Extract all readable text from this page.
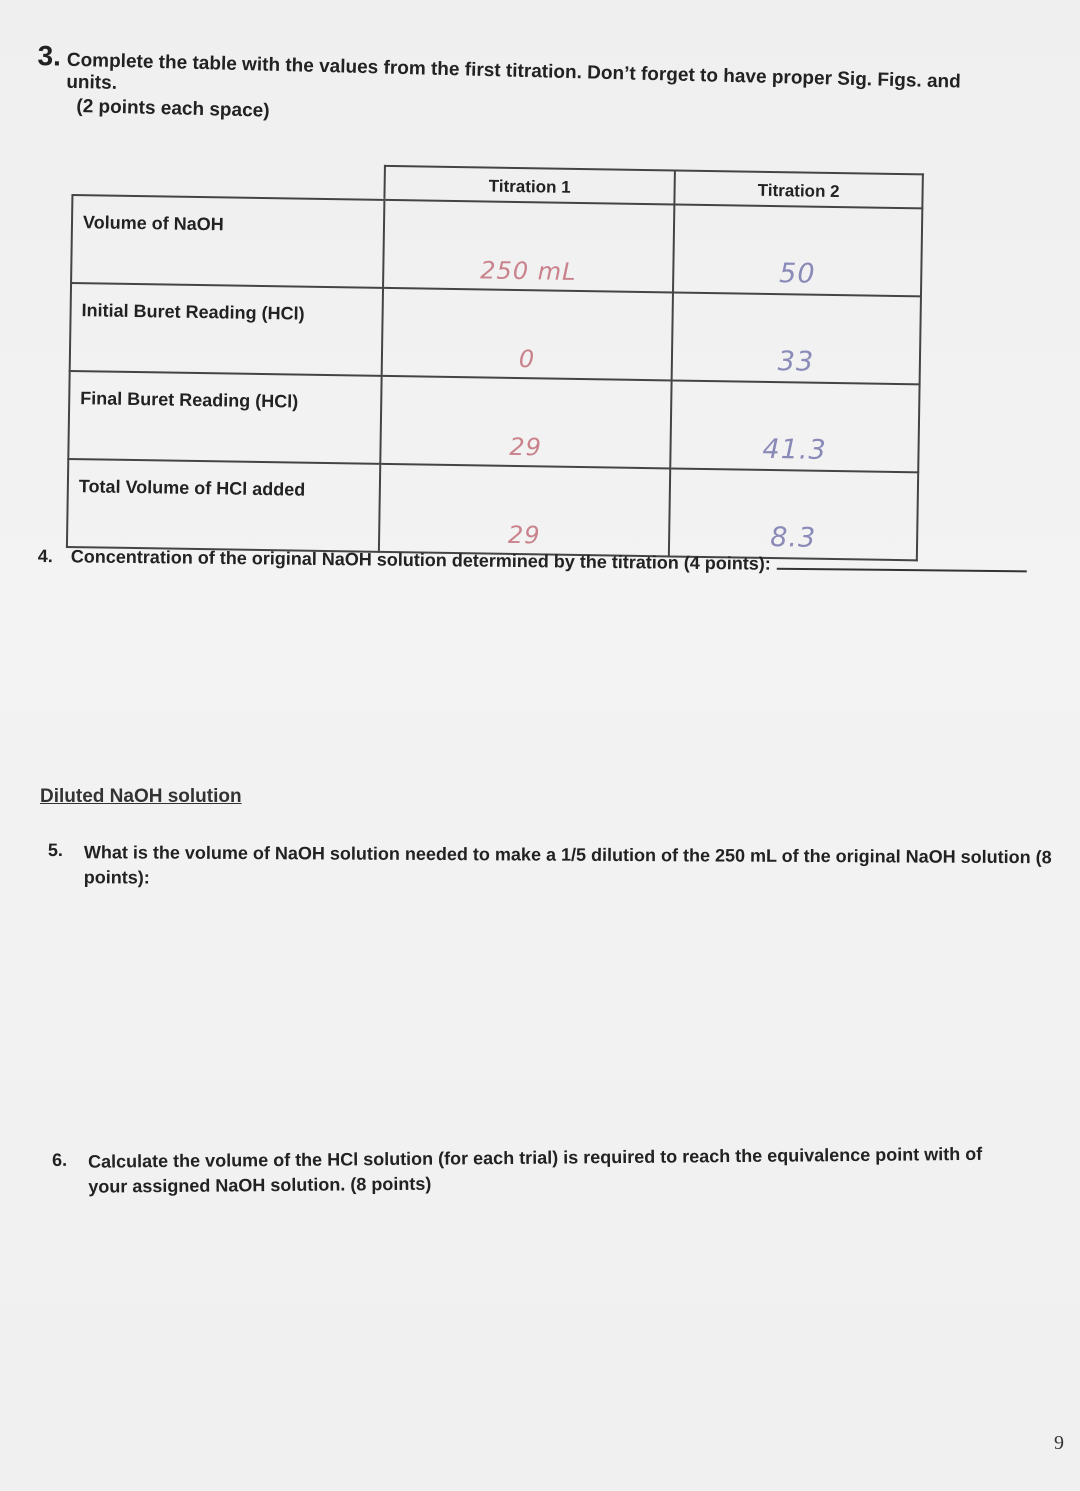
3. Complete the table with the values from the first titration. Don’t forget to have proper Sig. Figs. and units.
(2 points each space)
	Titration 1	Titration 2
Volume of NaOH	250 mL	50
Initial Buret Reading (HCl)	0	33
Final Buret Reading (HCl)	29	41.3
Total Volume of HCl added	29	8.3
4. Concentration of the original NaOH solution determined by the titration (4 points):
Diluted NaOH solution
5.	What is the volume of NaOH solution needed to make a 1/5 dilution of the 250 mL of the original NaOH solution (8 points):
6.	Calculate the volume of the HCl solution (for each trial) is required to reach the equivalence point with of your assigned NaOH solution. (8 points)
9
